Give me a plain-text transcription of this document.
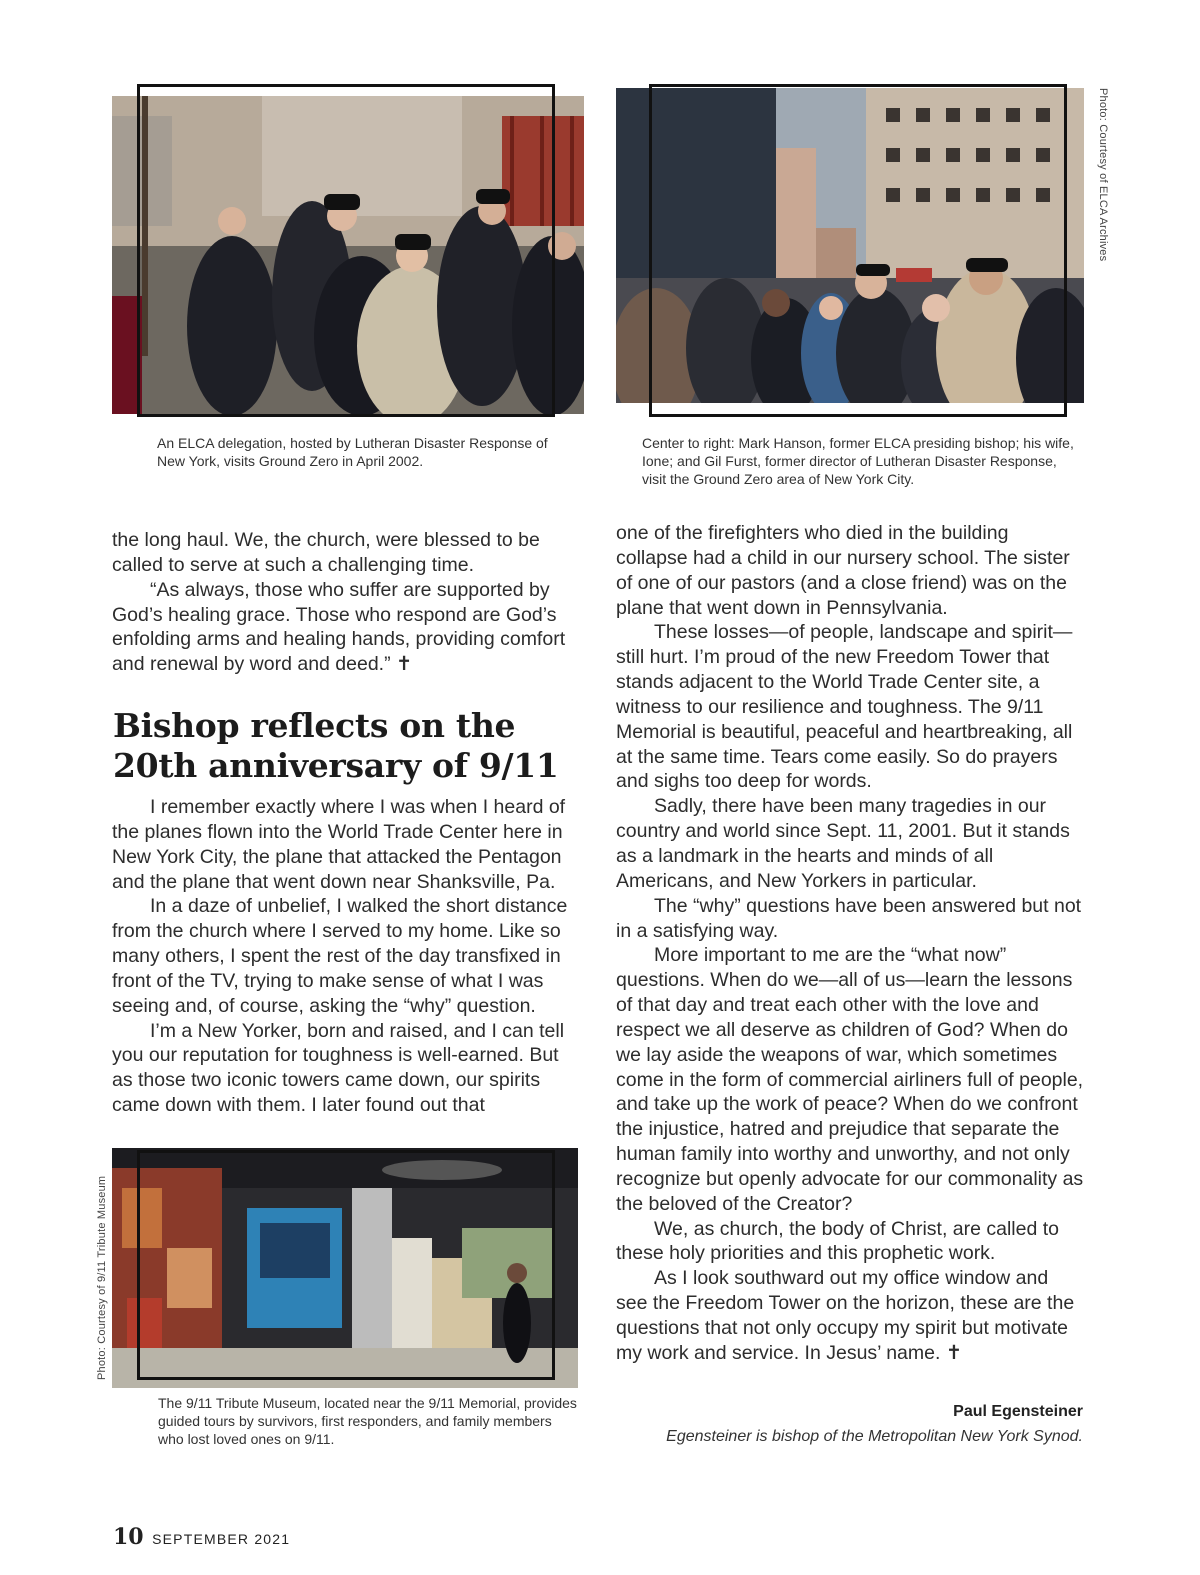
An ELCA delegation, hosted by Lutheran Disaster Response of New York, visits Ground Zero in April 2002.
Photo: Courtesy of ELCA Archives
Center to right: Mark Hanson, former ELCA presiding bishop; his wife, Ione; and Gil Furst, former director of Lutheran Disaster Response, visit the Ground Zero area of New York City.

the long haul. We, the church, were blessed to be called to serve at such a challenging time.

“As always, those who suffer are supported by God’s healing grace. Those who respond are God’s enfolding arms and healing hands, providing comfort and renewal by word and deed.” ✝

Bishop reflects on the 20th anniversary of 9/11

I remember exactly where I was when I heard of the planes flown into the World Trade Center here in New York City, the plane that attacked the Pentagon and the plane that went down near Shanksville, Pa.

In a daze of unbelief, I walked the short distance from the church where I served to my home. Like so many others, I spent the rest of the day transfixed in front of the TV, trying to make sense of what I was seeing and, of course, asking the “why” question.

I’m a New Yorker, born and raised, and I can tell you our reputation for toughness is well-earned. But as those two iconic towers came down, our spirits came down with them. I later found out that

Photo: Courtesy of 9/11 Tribute Museum
The 9/11 Tribute Museum, located near the 9/11 Memorial, provides guided tours by survivors, first responders, and family members who lost loved ones on 9/11.

one of the firefighters who died in the building collapse had a child in our nursery school. The sister of one of our pastors (and a close friend) was on the plane that went down in Pennsylvania.

These losses—of people, landscape and spirit—still hurt. I’m proud of the new Freedom Tower that stands adjacent to the World Trade Center site, a witness to our resilience and toughness. The 9/11 Memorial is beautiful, peaceful and heartbreaking, all at the same time. Tears come easily. So do prayers and sighs too deep for words.

Sadly, there have been many tragedies in our country and world since Sept. 11, 2001. But it stands as a landmark in the hearts and minds of all Americans, and New Yorkers in particular.

The “why” questions have been answered but not in a satisfying way.

More important to me are the “what now” questions. When do we—all of us—learn the lessons of that day and treat each other with the love and respect we all deserve as children of God? When do we lay aside the weapons of war, which sometimes come in the form of commercial airliners full of people, and take up the work of peace? When do we confront the injustice, hatred and prejudice that separate the human family into worthy and unworthy, and not only recognize but openly advocate for our commonality as the beloved of the Creator?

We, as church, the body of Christ, are called to these holy priorities and this prophetic work.

As I look southward out my office window and see the Freedom Tower on the horizon, these are the questions that not only occupy my spirit but motivate my work and service. In Jesus’ name. ✝

Paul Egensteiner
Egensteiner is bishop of the Metropolitan New York Synod.
10 SEPTEMBER 2021
